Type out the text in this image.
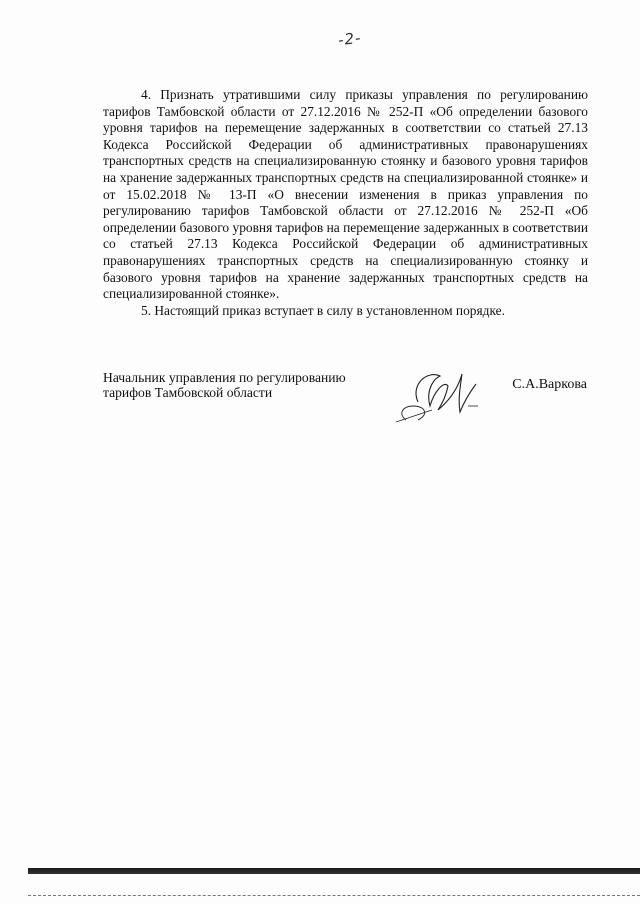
-2-

4. Признать утратившими силу приказы управления по регулированию тарифов Тамбовской области от 27.12.2016 № 252-П «Об определении базового уровня тарифов на перемещение задержанных в соответствии со статьей 27.13 Кодекса Российской Федерации об административных правонарушениях транспортных средств на специализированную стоянку и базового уровня тарифов на хранение задержанных транспортных средств на специализированной стоянке» и от 15.02.2018 № 13-П «О внесении изменения в приказ управления по регулированию тарифов Тамбовской области от 27.12.2016 № 252-П «Об определении базового уровня тарифов на перемещение задержанных в соответствии со статьей 27.13 Кодекса Российской Федерации об административных правонарушениях транспортных средств на специализированную стоянку и базового уровня тарифов на хранение задержанных транспортных средств на специализированной стоянке».

5. Настоящий приказ вступает в силу в установленном порядке.

Начальник управления по регулированию
тарифов Тамбовской области
С.А.Варкова
